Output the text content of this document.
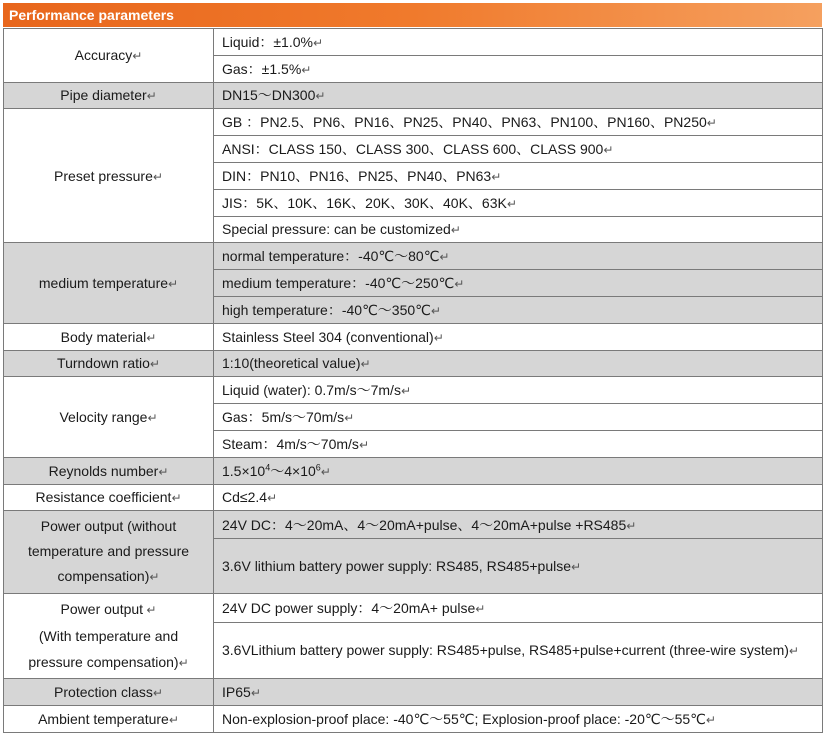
Performance parameters
Accuracy↵	Liquid：±1.0%↵
	Gas：±1.5%↵
Pipe diameter↵	DN15～DN300↵
Preset pressure↵	GB ：PN2.5、PN6、PN16、PN25、PN40、PN63、PN100、PN160、PN250↵
	ANSI：CLASS 150、CLASS 300、CLASS 600、CLASS 900↵
	DIN：PN10、PN16、PN25、PN40、PN63↵
	JIS：5K、10K、16K、20K、30K、40K、63K↵
	Special pressure: can be customized↵
medium temperature↵	normal temperature：-40℃～80℃↵
	medium temperature：-40℃～250℃↵
	high temperature：-40℃～350℃↵
Body material↵	Stainless Steel 304 (conventional)↵
Turndown ratio↵	1:10(theoretical value)↵
Velocity range↵	Liquid (water): 0.7m/s～7m/s↵
	Gas：5m/s～70m/s↵
	Steam：4m/s～70m/s↵
Reynolds number↵	$1.5\times 10^4\sim 4\times 10^6↵$
Resistance coefficient↵	Cd≤2.4↵
Power output (without temperature and pressure compensation)↵	24V DC：4～20mA、4～20mA+pulse、4～20mA+pulse +RS485↵
	3.6V lithium battery power supply: RS485, RS485+pulse↵
Power output ↵
(With temperature and pressure compensation)↵	24V DC power supply：4～20mA+ pulse↵
	3.6VLithium battery power supply: RS485+pulse, RS485+pulse+current (three-wire system)↵
Protection class↵	IP65↵
Ambient temperature↵	Non-explosion-proof place: -40℃～55℃; Explosion-proof place: -20℃～55℃↵
